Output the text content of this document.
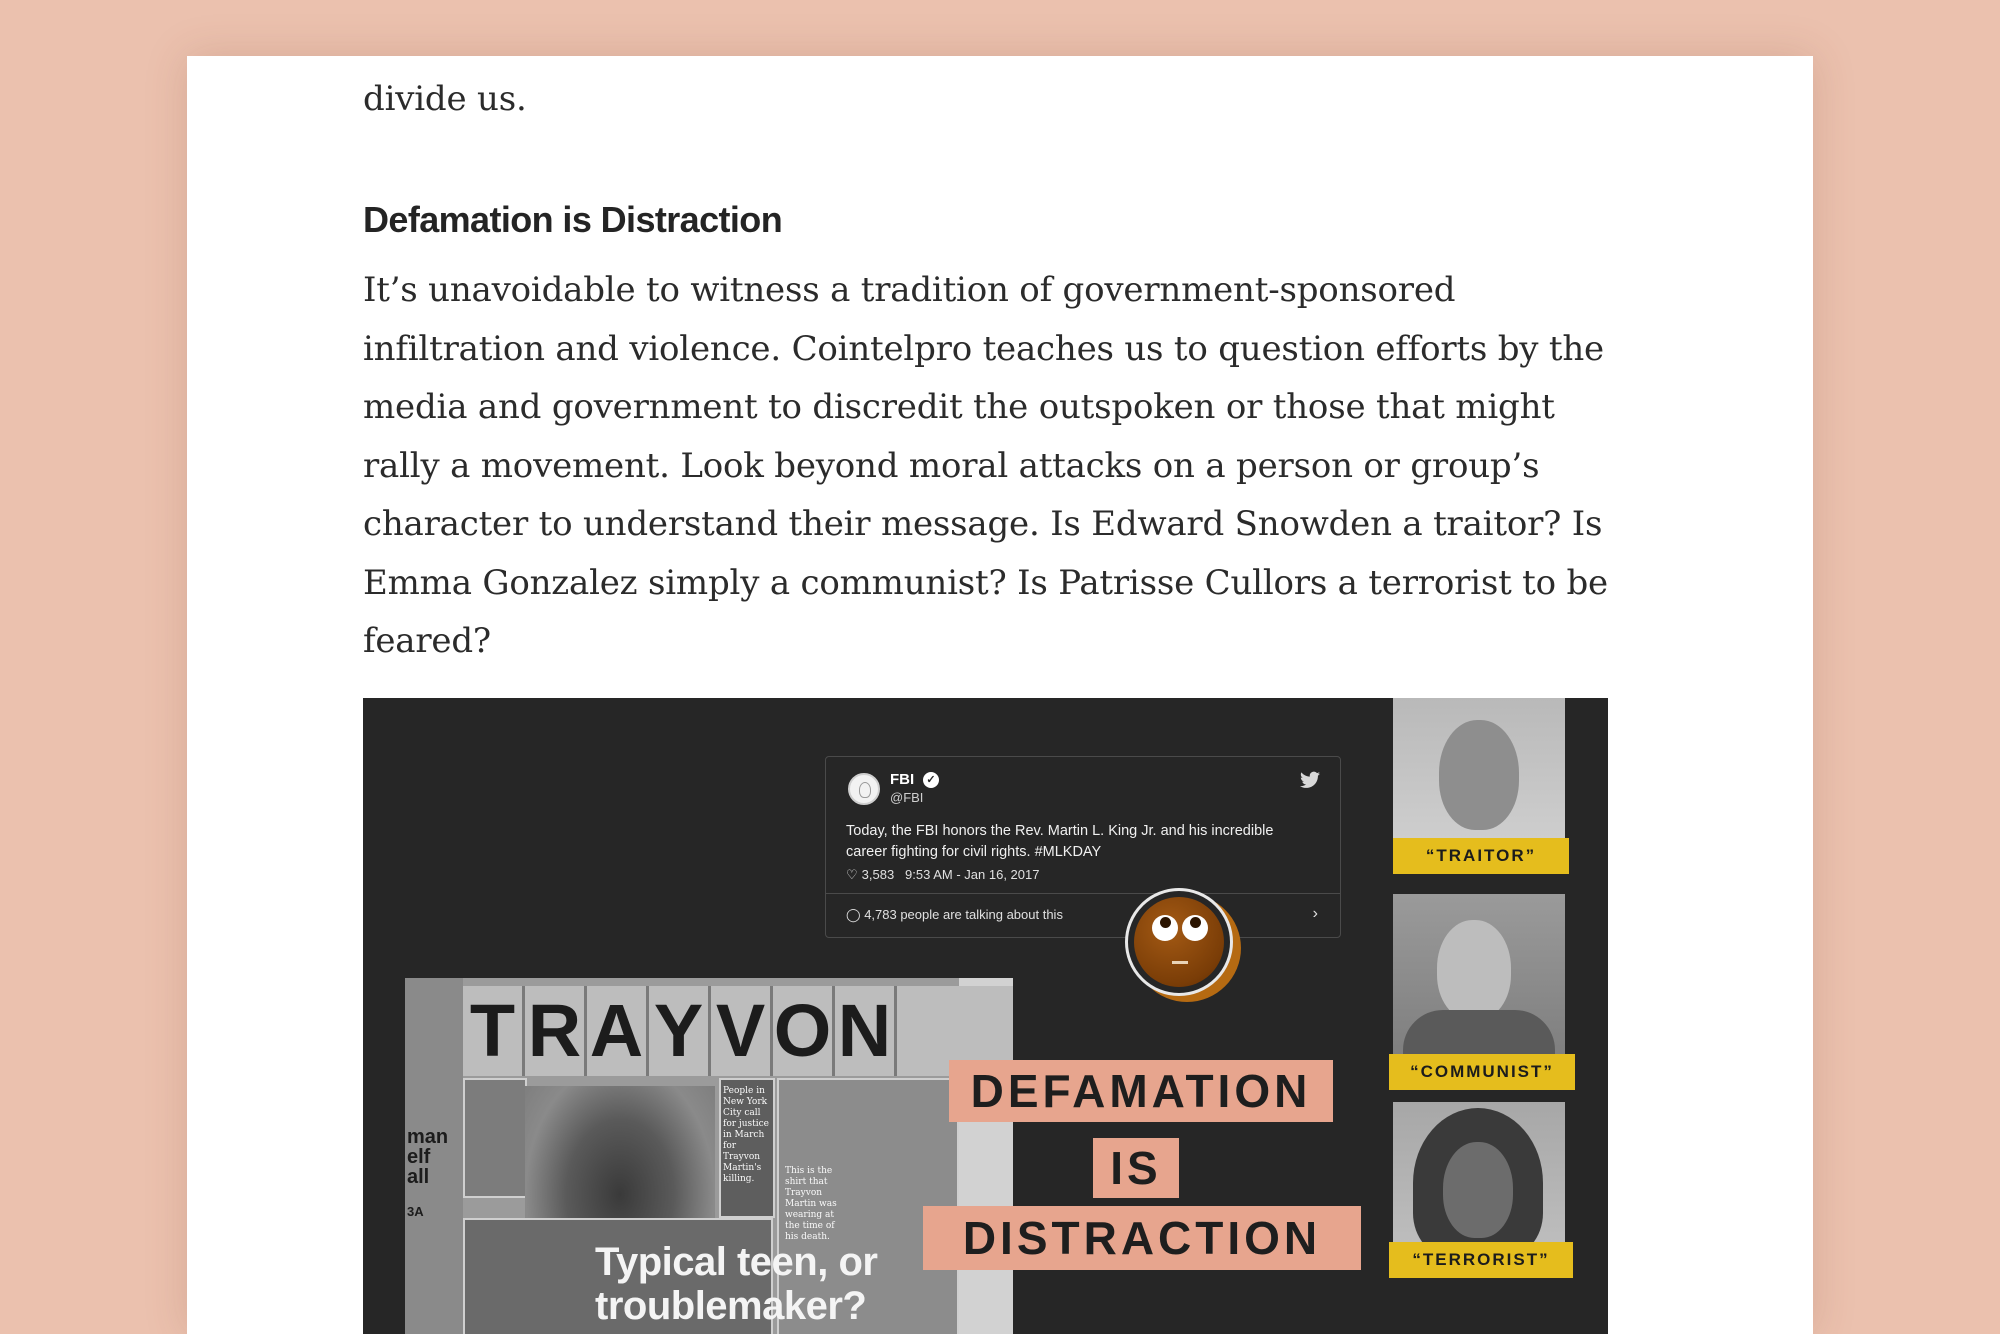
divide us.
Defamation is Distraction

It’s unavoidable to witness a tradition of government-sponsored infiltration and violence. Cointelpro teaches us to question efforts by the media and government to discredit the outspoken or those that might rally a movement. Look beyond moral attacks on a person or group’s character to understand their message. Is Edward Snowden a traitor? Is Emma Gonzalez simply a communist? Is Patrisse Cullors a terrorist to be feared?

FBI	✓
@FBI
Today, the FBI honors the Rev. Martin L. King Jr. and his incredible career fighting for civil rights. #MLKDAY
♡ 3,583 9:53 AM - Jan 16, 2017
◯ 4,783 people are talking about this	›
man
elf
all
3A
T R A Y V O N
People in New York City call for justice in March for Trayvon Martin's killing.
This is the shirt that Trayvon Martin was wearing at the time of his death.
Typical teen, or
troublemaker?
DEFAMATION
IS
DISTRACTION
“TRAITOR”
“COMMUNIST”
“TERRORIST”
